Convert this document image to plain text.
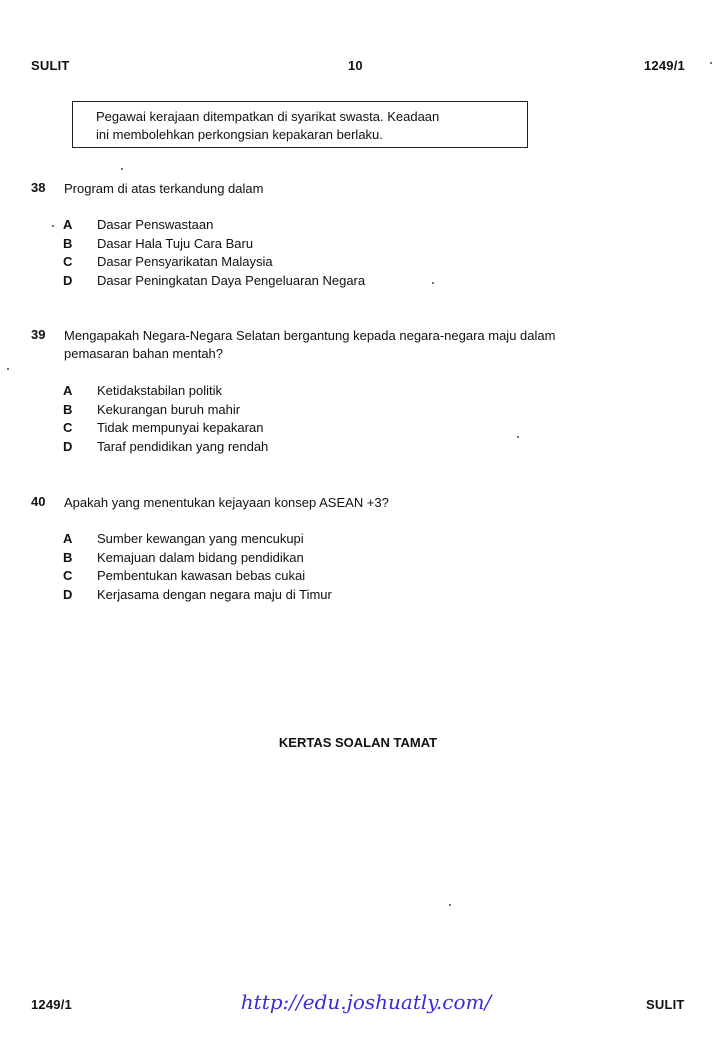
SULIT	10	1249/1

Pegawai kerajaan ditempatkan di syarikat swasta. Keadaan

ini membolehkan perkongsian kepakaran berlaku.

38	Program di atas terkandung dalam

A Dasar Penswastaan
B Dasar Hala Tuju Cara Baru
C Dasar Pensyarikatan Malaysia
D Dasar Peningkatan Daya Pengeluaran Negara
39	Mengapakah Negara-Negara Selatan bergantung kepada negara-negara maju dalam

pemasaran bahan mentah?

A Ketidakstabilan politik
B Kekurangan buruh mahir
C Tidak mempunyai kepakaran
D Taraf pendidikan yang rendah
40	Apakah yang menentukan kejayaan konsep ASEAN +3?

A Sumber kewangan yang mencukupi
B Kemajuan dalam bidang pendidikan
C Pembentukan kawasan bebas cukai
D Kerjasama dengan negara maju di Timur
KERTAS SOALAN TAMAT
1249/1	http://edu.joshuatly.com/	SULIT
